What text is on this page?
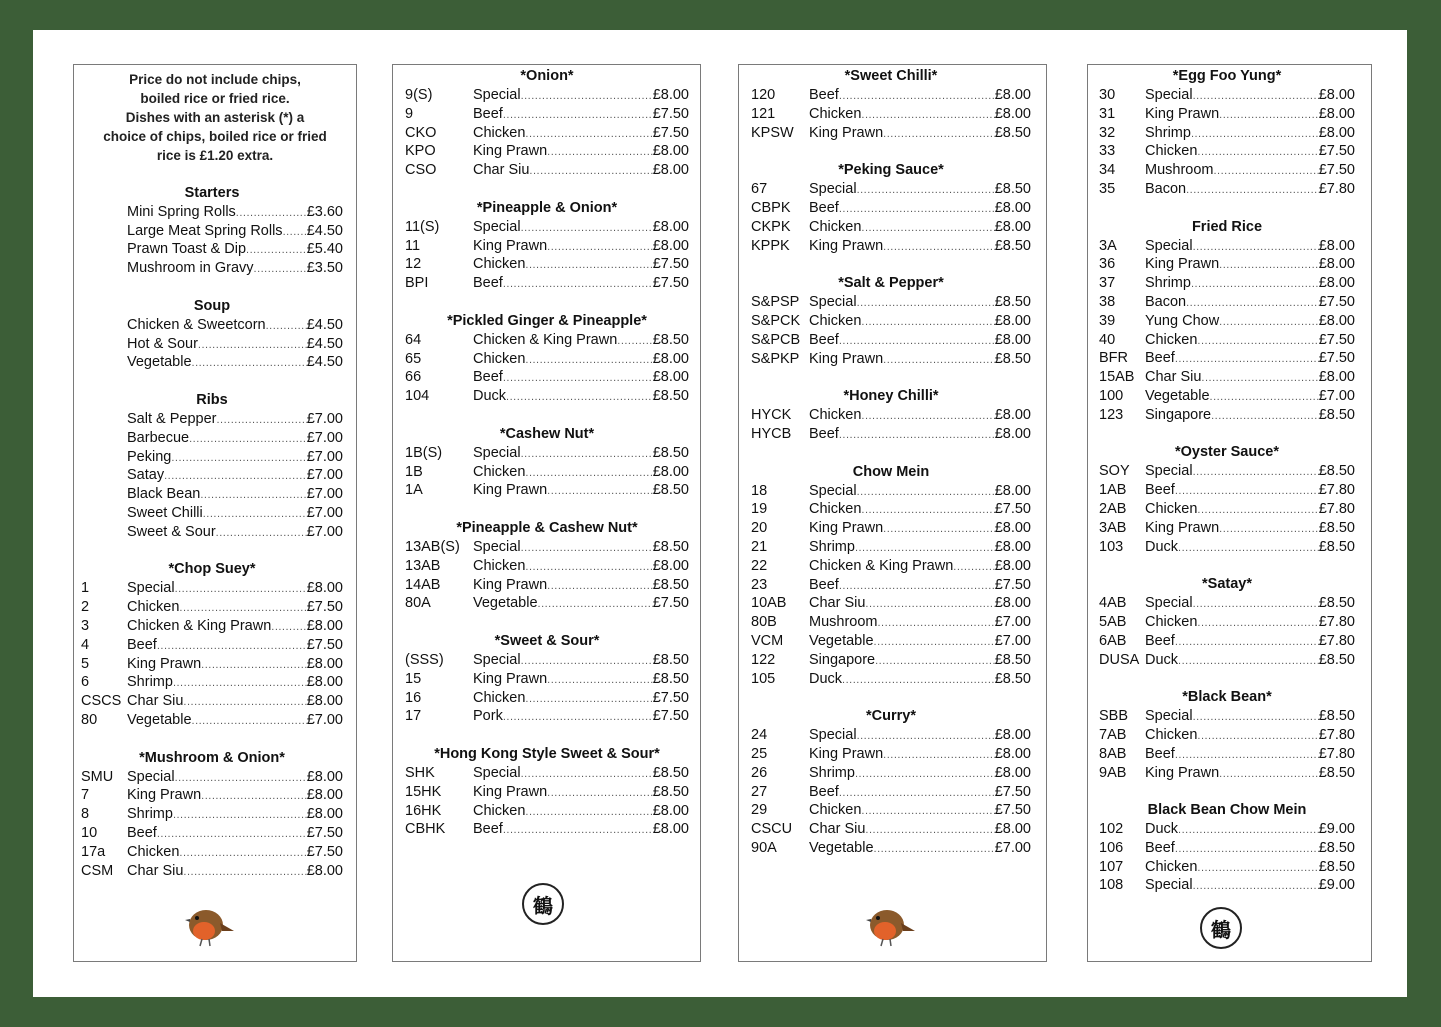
Price do not include chips,
boiled rice or fried rice.
Dishes with an asterisk (*) a
choice of chips, boiled rice or fried
rice is £1.20 extra.
Starters
Mini Spring Rolls .....	£3.60
Large Meat Spring Rolls ..... £4.50
Prawn Toast & Dip .....	£5.40
Mushroom in Gravy .....	£3.50
Soup
Chicken & Sweetcorn .....	£4.50
Hot & Sour .....	£4.50
Vegetable .....	£4.50
Ribs
Salt & Pepper .....	£7.00
Barbecue .....	£7.00
Peking .....	£7.00
Satay .....	£7.00
Black Bean .....	£7.00
Sweet Chilli .....	£7.00
Sweet & Sour .....	£7.00
*Chop Suey*
1	Special .....	£8.00
2	Chicken .....	£7.50
3	Chicken & King Prawn ..... £8.00
4	Beef .....	£7.50
5	King Prawn .....	£8.00
6	Shrimp .....	£8.00
CSCS Char Siu .....	£8.00
80	Vegetable .....	£7.00
*Mushroom & Onion*
SMU Special .....	£8.00
7	King Prawn .....	£8.00
8	Shrimp .....	£8.00
10	Beef .....	£7.50
17a	Chicken .....	£7.50
CSM Char Siu .....	£8.00
*Onion*
9(S)	Special .....	£8.00
9	Beef .....	£7.50
CKO	Chicken .....	£7.50
KPO	King Prawn .....	£8.00
CSO	Char Siu .....	£8.00
*Pineapple & Onion*
11(S)	Special .....	£8.00
11	King Prawn .....	£8.00
12	Chicken .....	£7.50
BPI	Beef .....	£7.50
*Pickled Ginger & Pineapple*
64	Chicken & King Prawn ..... £8.50
65	Chicken .....	£8.00
66	Beef .....	£8.00
104	Duck .....	£8.50
*Cashew Nut*
1B(S)	Special .....	£8.50
1B	Chicken .....	£8.00
1A	King Prawn .....	£8.50
*Pineapple & Cashew Nut*
13AB(S) Special .....	£8.50
13AB	Chicken .....	£8.00
14AB	King Prawn .....	£8.50
80A	Vegetable .....	£7.50
*Sweet & Sour*
(SSS)	Special .....	£8.50
15	King Prawn .....	£8.50
16	Chicken .....	£7.50
17	Pork .....	£7.50
*Hong Kong Style Sweet & Sour*
SHK	Special .....	£8.50
15HK	King Prawn .....	£8.50
16HK	Chicken .....	£8.00
CBHK	Beef .....	£8.00
鶴
*Sweet Chilli*
120	Beef .....	£8.00
121	Chicken .....	£8.00
KPSW	King Prawn .....	£8.50
*Peking Sauce*
67	Special .....	£8.50
CBPK	Beef .....	£8.00
CKPK	Chicken .....	£8.00
KPPK	King Prawn .....	£8.50
*Salt & Pepper*
S&PSP Special .....	£8.50
S&PCK Chicken .....	£8.00
S&PCB Beef .....	£8.00
S&PKP King Prawn .....	£8.50
*Honey Chilli*
HYCK	Chicken .....	£8.00
HYCB	Beef .....	£8.00
Chow Mein
18	Special .....	£8.00
19	Chicken .....	£7.50
20	King Prawn .....	£8.00
21	Shrimp .....	£8.00
22	Chicken & King Prawn .....	£8.00
23	Beef .....	£7.50
10AB	Char Siu .....	£8.00
80B	Mushroom .....	£7.00
VCM	Vegetable .....	£7.00
122	Singapore .....	£8.50
105	Duck .....	£8.50
*Curry*
24	Special .....	£8.00
25	King Prawn .....	£8.00
26	Shrimp .....	£8.00
27	Beef .....	£7.50
29	Chicken .....	£7.50
CSCU	Char Siu .....	£8.00
90A	Vegetable .....	£7.00
*Egg Foo Yung*
30	Special .....	£8.00
31	King Prawn .....	£8.00
32	Shrimp .....	£8.00
33	Chicken .....	£7.50
34	Mushroom .....	£7.50
35	Bacon .....	£7.80
Fried Rice
3A	Special .....	£8.00
36	King Prawn .....	£8.00
37	Shrimp .....	£8.00
38	Bacon .....	£7.50
39	Yung Chow .....	£8.00
40	Chicken .....	£7.50
BFR	Beef .....	£7.50
15AB Char Siu .....	£8.00
100	Vegetable .....	£7.00
123	Singapore .....	£8.50
*Oyster Sauce*
SOY	Special .....	£8.50
1AB	Beef .....	£7.80
2AB	Chicken .....	£7.80
3AB	King Prawn .....	£8.50
103	Duck .....	£8.50
*Satay*
4AB	Special .....	£8.50
5AB	Chicken .....	£7.80
6AB	Beef .....	£7.80
DUSA Duck .....	£8.50
*Black Bean*
SBB	Special .....	£8.50
7AB	Chicken .....	£7.80
8AB	Beef .....	£7.80
9AB	King Prawn .....	£8.50
Black Bean Chow Mein
102	Duck .....	£9.00
106	Beef .....	£8.50
107	Chicken .....	£8.50
108	Special .....	£9.00
鶴
